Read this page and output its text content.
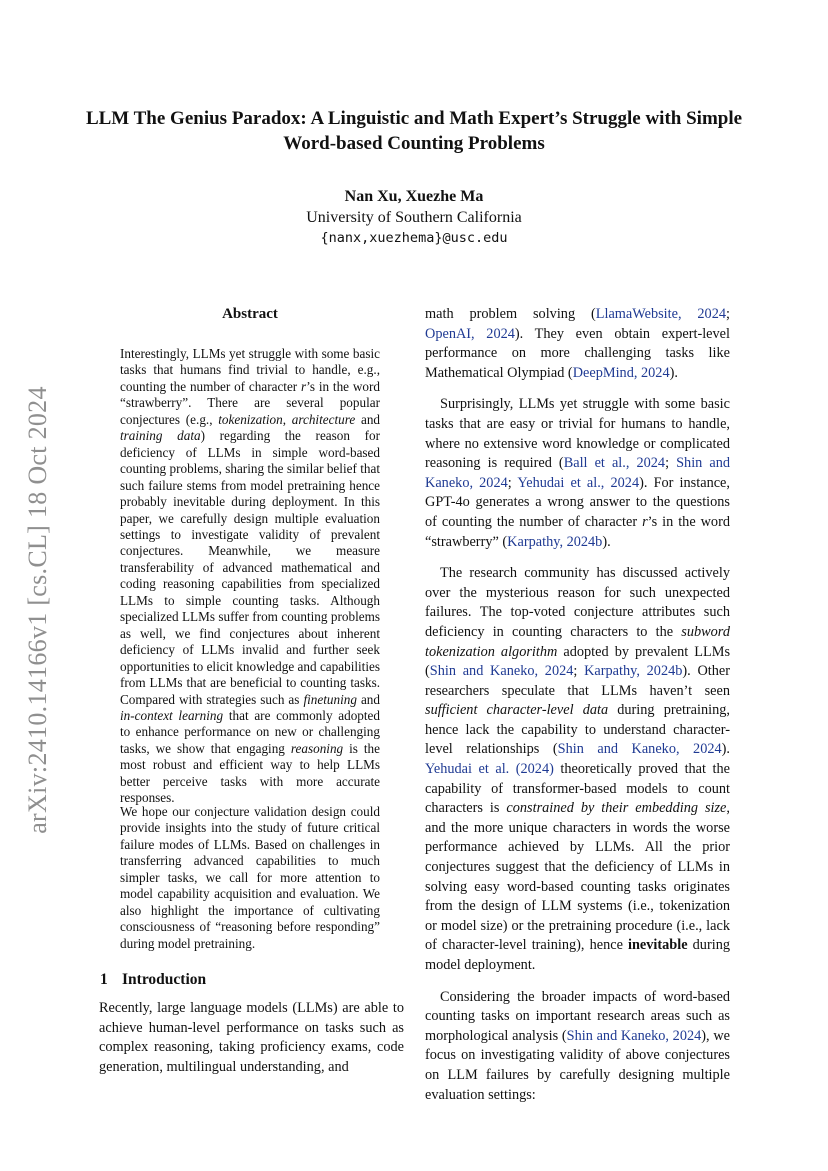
arXiv:2410.14166v1 [cs.CL] 18 Oct 2024
LLM The Genius Paradox: A Linguistic and Math Expert’s Struggle with Simple Word-based Counting Problems
Nan Xu, Xuezhe Ma
University of Southern California
{nanx,xuezhema}@usc.edu
Abstract
Interestingly, LLMs yet struggle with some basic tasks that humans find trivial to handle, e.g., counting the number of character r’s in the word “strawberry”. There are several popular conjectures (e.g., tokenization, architecture and training data) regarding the reason for deficiency of LLMs in simple word-based counting problems, sharing the similar belief that such failure stems from model pretraining hence probably inevitable during deployment. In this paper, we carefully design multiple evaluation settings to investigate validity of prevalent conjectures. Meanwhile, we measure transferability of advanced mathematical and coding reasoning capabilities from specialized LLMs to simple counting tasks. Although specialized LLMs suffer from counting problems as well, we find conjectures about inherent deficiency of LLMs invalid and further seek opportunities to elicit knowledge and capabilities from LLMs that are beneficial to counting tasks. Compared with strategies such as finetuning and in-context learning that are commonly adopted to enhance performance on new or challenging tasks, we show that engaging reasoning is the most robust and efficient way to help LLMs better perceive tasks with more accurate responses.
We hope our conjecture validation design could provide insights into the study of future critical failure modes of LLMs. Based on challenges in transferring advanced capabilities to much simpler tasks, we call for more attention to model capability acquisition and evaluation. We also highlight the importance of cultivating consciousness of “reasoning before responding” during model pretraining.
1 Introduction
Recently, large language models (LLMs) are able to achieve human-level performance on tasks such as complex reasoning, taking proficiency exams, code generation, multilingual understanding, and

math problem solving (LlamaWebsite, 2024; OpenAI, 2024). They even obtain expert-level performance on more challenging tasks like Mathematical Olympiad (DeepMind, 2024).

Surprisingly, LLMs yet struggle with some basic tasks that are easy or trivial for humans to handle, where no extensive word knowledge or complicated reasoning is required (Ball et al., 2024; Shin and Kaneko, 2024; Yehudai et al., 2024). For instance, GPT-4o generates a wrong answer to the questions of counting the number of character r’s in the word “strawberry” (Karpathy, 2024b).

The research community has discussed actively over the mysterious reason for such unexpected failures. The top-voted conjecture attributes such deficiency in counting characters to the subword tokenization algorithm adopted by prevalent LLMs (Shin and Kaneko, 2024; Karpathy, 2024b). Other researchers speculate that LLMs haven’t seen sufficient character-level data during pretraining, hence lack the capability to understand character-level relationships (Shin and Kaneko, 2024). Yehudai et al. (2024) theoretically proved that the capability of transformer-based models to count characters is constrained by their embedding size, and the more unique characters in words the worse performance achieved by LLMs. All the prior conjectures suggest that the deficiency of LLMs in solving easy word-based counting tasks originates from the design of LLM systems (i.e., tokenization or model size) or the pretraining procedure (i.e., lack of character-level training), hence inevitable during model deployment.

Considering the broader impacts of word-based counting tasks on important research areas such as morphological analysis (Shin and Kaneko, 2024), we focus on investigating validity of above conjectures on LLM failures by carefully designing multiple evaluation settings:
